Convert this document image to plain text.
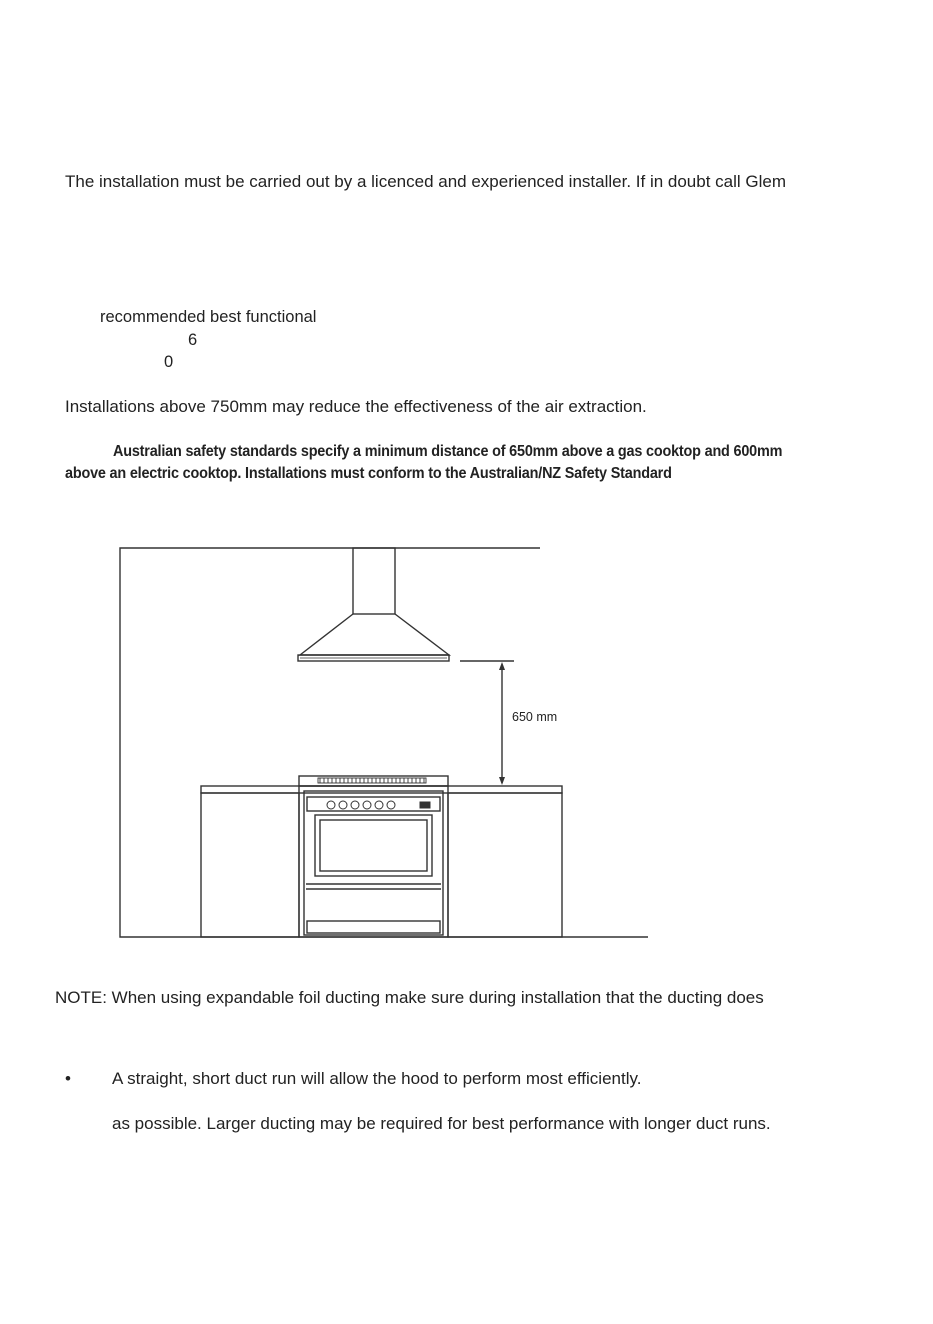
The installation must be carried out by a licenced and experienced installer. If in doubt call Glem

recommended best functional

6

0

Installations above 750mm may reduce the effectiveness of the air extraction.

Australian safety standards specify a minimum distance of 650mm above a gas cooktop and 600mm

above an electric cooktop. Installations must conform to the Australian/NZ Safety Standard

650 mm

NOTE: When using expandable foil ducting make sure during installation that the ducting does

• A straight, short duct run will allow the hood to perform most efficiently.

as possible. Larger ducting may be required for best performance with longer duct runs.
